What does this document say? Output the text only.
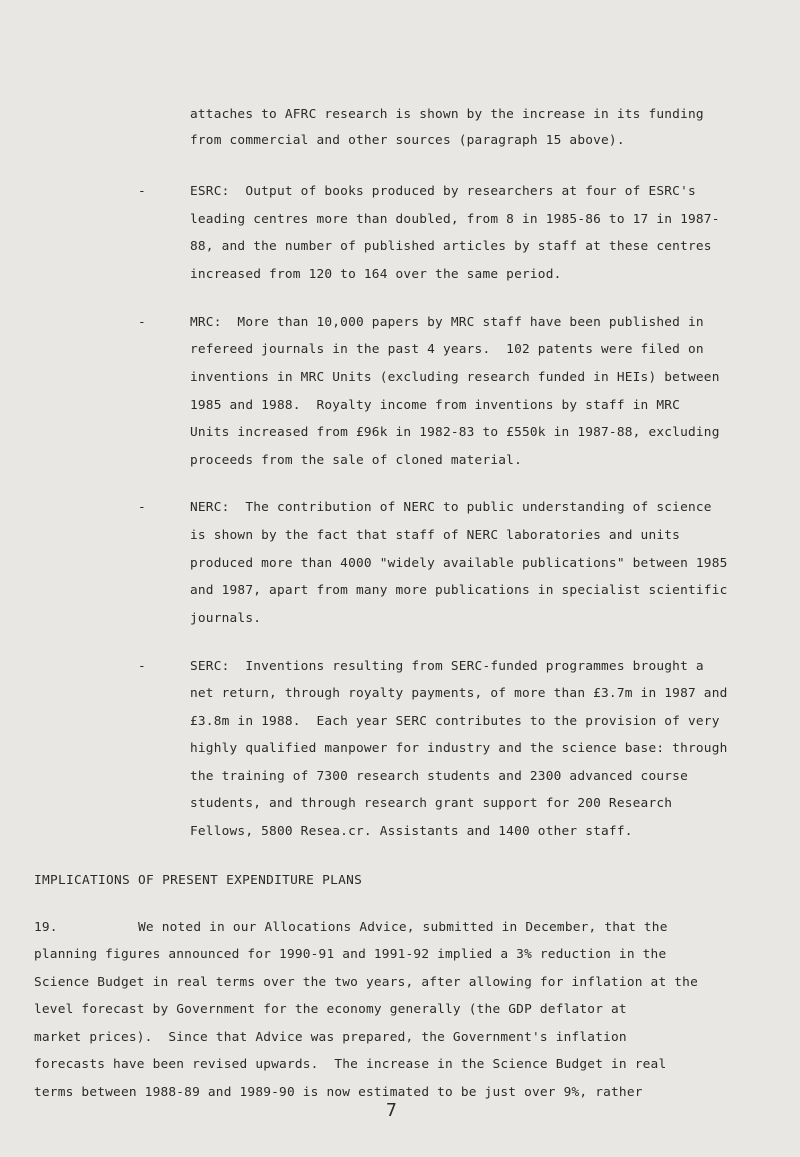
attaches to AFRC research is shown by the increase in its funding
from commercial and other sources (paragraph 15 above).
-	ESRC:  Output of books produced by researchers at four of ESRC's
leading centres more than doubled, from 8 in 1985-86 to 17 in 1987-
88, and the number of published articles by staff at these centres
increased from 120 to 164 over the same period.
-	MRC:  More than 10,000 papers by MRC staff have been published in
refereed journals in the past 4 years.  102 patents were filed on
inventions in MRC Units (excluding research funded in HEIs) between
1985 and 1988.  Royalty income from inventions by staff in MRC
Units increased from £96k in 1982-83 to £550k in 1987-88, excluding
proceeds from the sale of cloned material.
-	NERC:  The contribution of NERC to public understanding of science
is shown by the fact that staff of NERC laboratories and units
produced more than 4000 "widely available publications" between 1985
and 1987, apart from many more publications in specialist scientific
journals.
-	SERC:  Inventions resulting from SERC-funded programmes brought a
net return, through royalty payments, of more than £3.7m in 1987 and
£3.8m in 1988.  Each year SERC contributes to the provision of very
highly qualified manpower for industry and the science base: through
the training of 7300 research students and 2300 advanced course
students, and through research grant support for 200 Research
Fellows, 5800 Resea.cr. Assistants and 1400 other staff.
IMPLICATIONS OF PRESENT EXPENDITURE PLANS
19.	We noted in our Allocations Advice, submitted in December, that the
planning figures announced for 1990-91 and 1991-92 implied a 3% reduction in the
Science Budget in real terms over the two years, after allowing for inflation at the
level forecast by Government for the economy generally (the GDP deflator at
market prices).  Since that Advice was prepared, the Government's inflation
forecasts have been revised upwards.  The increase in the Science Budget in real
terms between 1988-89 and 1989-90 is now estimated to be just over 9%, rather
7
